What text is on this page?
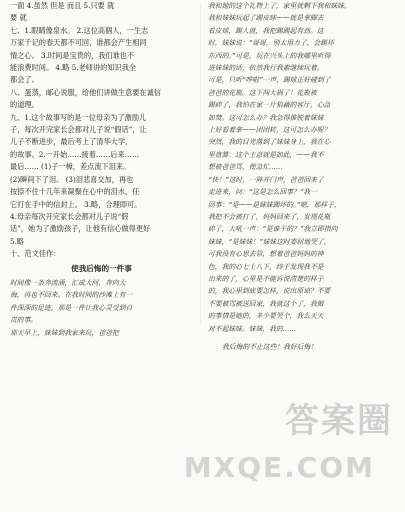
一面 4.虽然 但是 而且 5.只要 就
要 就
七、1.眼睛像泉水。 2.这位高個人，一生志
万家千记的春天都不可回，谁都会产生相同
情之心。 3.时间是宝贵的，我们谁也不
能浪费时间。 4.略 5.老师讲的知识我全
都会了。
八、蛋蒸，邮心说服，给他们讲做生意要在诚信
的道理。
九、1.这个故事写的是一位母亲为了激励儿
子，每次开完家长会都对儿子说“假话”，让
儿子不断进步，最后考上了清华大学，
的故事。2.一开始……接着……后来……
最后…… (1)子一樟，差点流下泪来。
(2)瞬间下了泪。 (3)泪悲喜交加，再也
按捺不住十几年来凝聚在心中的泪水，任
它打在手中的信封上。 3.略，合理即可。
4.母亲每次开完家长会都对儿子说“假
话”，她为了激励孩子，让他有信心做得更好
5.略
十、范文佳作：
使我后悔的一件事
时间像一条奔流涌，汇成大河，奔向大
海，再也不回来。在我时间的沙滩上有一
件深深的足迹，那是一件让我心灵受到自
责的事。
那天早上，妹妹到我家来玩，爸爸把
我和她的这个礼物上了，家里就剩下我和妹妹。
我和妹妹玩起了踢皮球——就是拿脚去
看皮球，踢人就，我把踢踢起有劲。这
时，妹妹说：“哥哥，别太用力了，会踢坏
东西的。”可是，玩在兴头上的我哪里听得
进妹妹的话，依然我行我素继续玩着。
可是，只听“哗啦”一声，踢球正好碰到了
爸爸的花瓶。这下闯大祸了！花瓶被
踢碎了，我怕在家一片狼藉的客厅，心急
如焚。这可怎么办？我急得推脱着妹妹
上好看着拿——团团转，这可怎么办呢？
突然，我的目光落到了妹妹身上，我在心
里盘算：这个主意就是如此，——我不
想被爸爸骂，便急忙……
“快！”这时，一阵开门声，爸爸回来了
走进来，问：“这是怎么回事？”我一
回事：“是——是妹妹踢坏的。”嗯，那样子，
我把不会被打了，妈妈回来了，发现花瓶
碎了，大吼一声：“是谁干的？”我立即指向
妹妹，“是妹妹！”妹妹这时委屈地哭了，
可我没有心思去管，想着爸爸妈妈的神
色，我的心七上八下，终于发现我不是
出来的了，心里是不能诉说清楚的样子
的，我心里到底要怎样，说出原谅？不要
不要被骂被送回家，我就这个了，我做
的事情是她的，多少要哭个，我么天天
对不起妹妹。妹妹，我的……
我后悔的不止这些！我好后悔！
答案圈
MXQE.COM
